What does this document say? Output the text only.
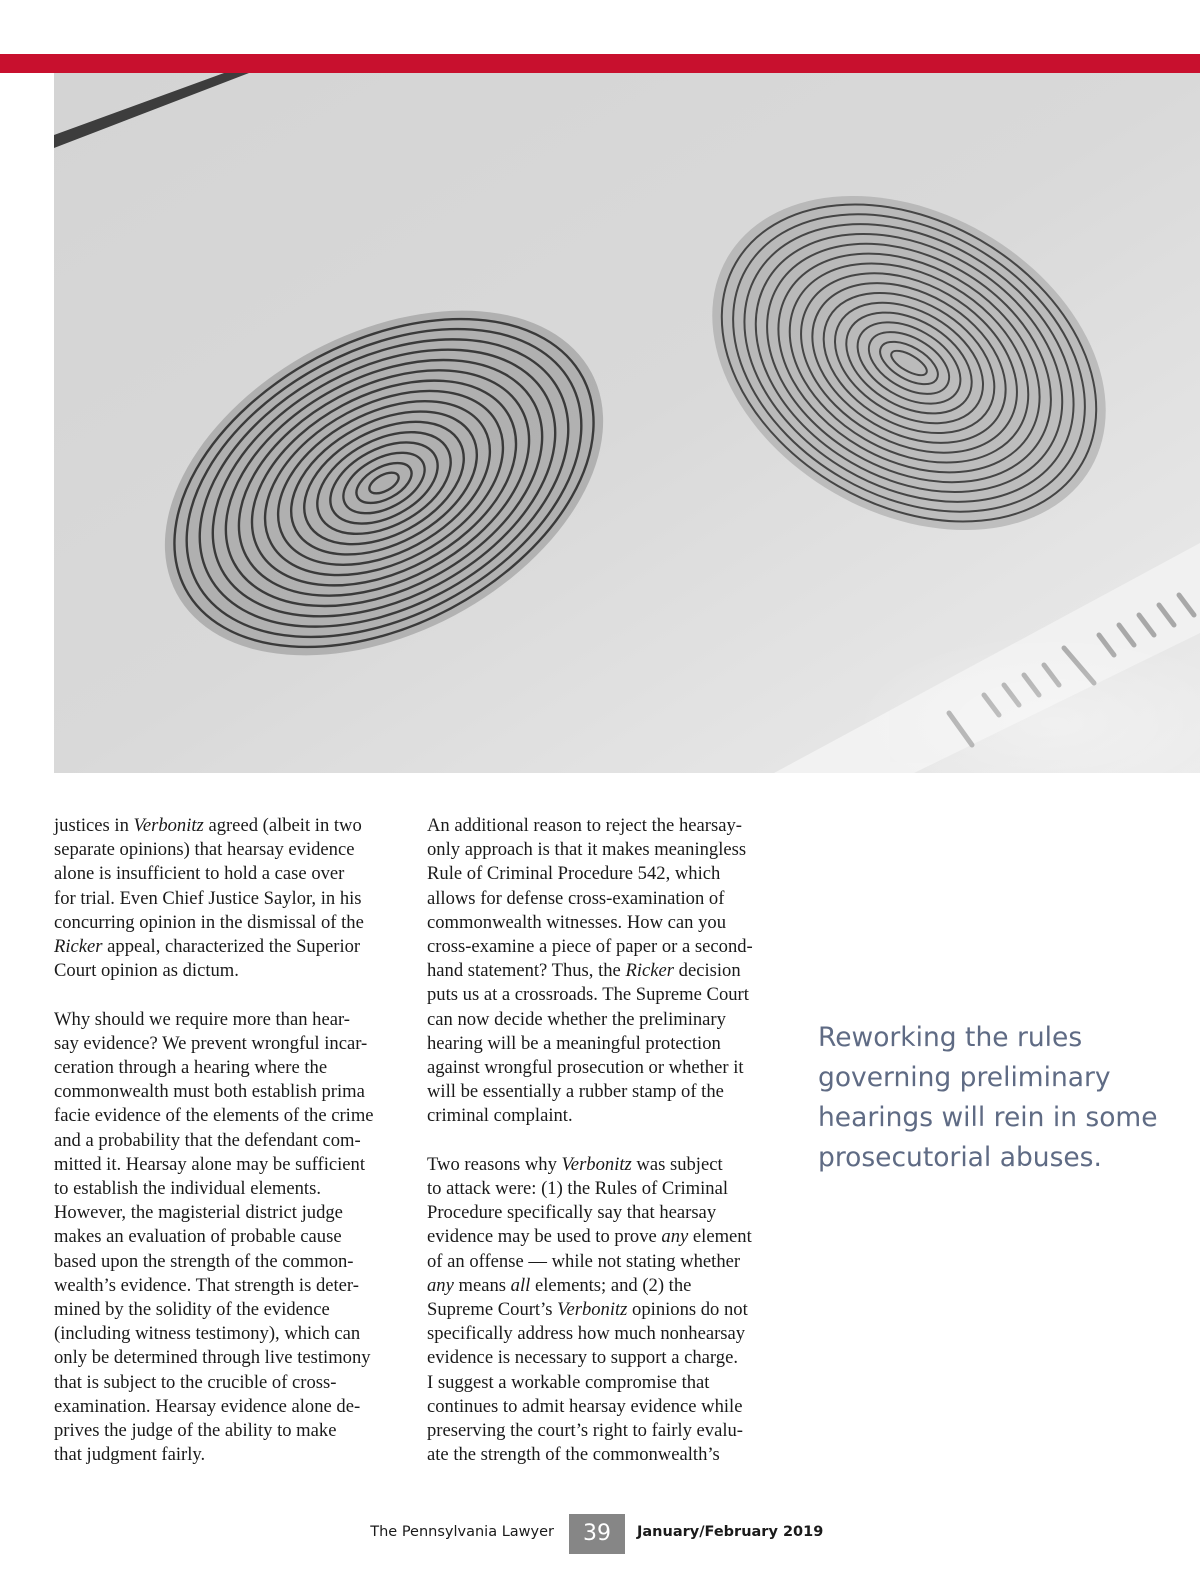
justices in Verbonitz agreed (albeit in two
separate opinions) that hearsay evidence
alone is insufficient to hold a case over
for trial. Even Chief Justice Saylor, in his
concurring opinion in the dismissal of the
Ricker appeal, characterized the Superior
Court opinion as dictum.
Why should we require more than hear-
say evidence? We prevent wrongful incar-
ceration through a hearing where the
commonwealth must both establish prima
facie evidence of the elements of the crime
and a probability that the defendant com-
mitted it. Hearsay alone may be sufficient
to establish the individual elements.
However, the magisterial district judge
makes an evaluation of probable cause
based upon the strength of the common-
wealth’s evidence. That strength is deter-
mined by the solidity of the evidence
(including witness testimony), which can
only be determined through live testimony
that is subject to the crucible of cross-
examination. Hearsay evidence alone de-
prives the judge of the ability to make
that judgment fairly.
An additional reason to reject the hearsay-
only approach is that it makes meaningless
Rule of Criminal Procedure 542, which
allows for defense cross-examination of
commonwealth witnesses. How can you
cross-examine a piece of paper or a second-
hand statement? Thus, the Ricker decision
puts us at a crossroads. The Supreme Court
can now decide whether the preliminary
hearing will be a meaningful protection
against wrongful prosecution or whether it
will be essentially a rubber stamp of the
criminal complaint.
Two reasons why Verbonitz was subject
to attack were: (1) the Rules of Criminal
Procedure specifically say that hearsay
evidence may be used to prove any element
of an offense — while not stating whether
any means all elements; and (2) the
Supreme Court’s Verbonitz opinions do not
specifically address how much nonhearsay
evidence is necessary to support a charge.
I suggest a workable compromise that
continues to admit hearsay evidence while
preserving the court’s right to fairly evalu-
ate the strength of the commonwealth’s
Reworking the rules
governing preliminary
hearings will rein in some
prosecutorial abuses.
The Pennsylvania Lawyer	39	January/February 2019
